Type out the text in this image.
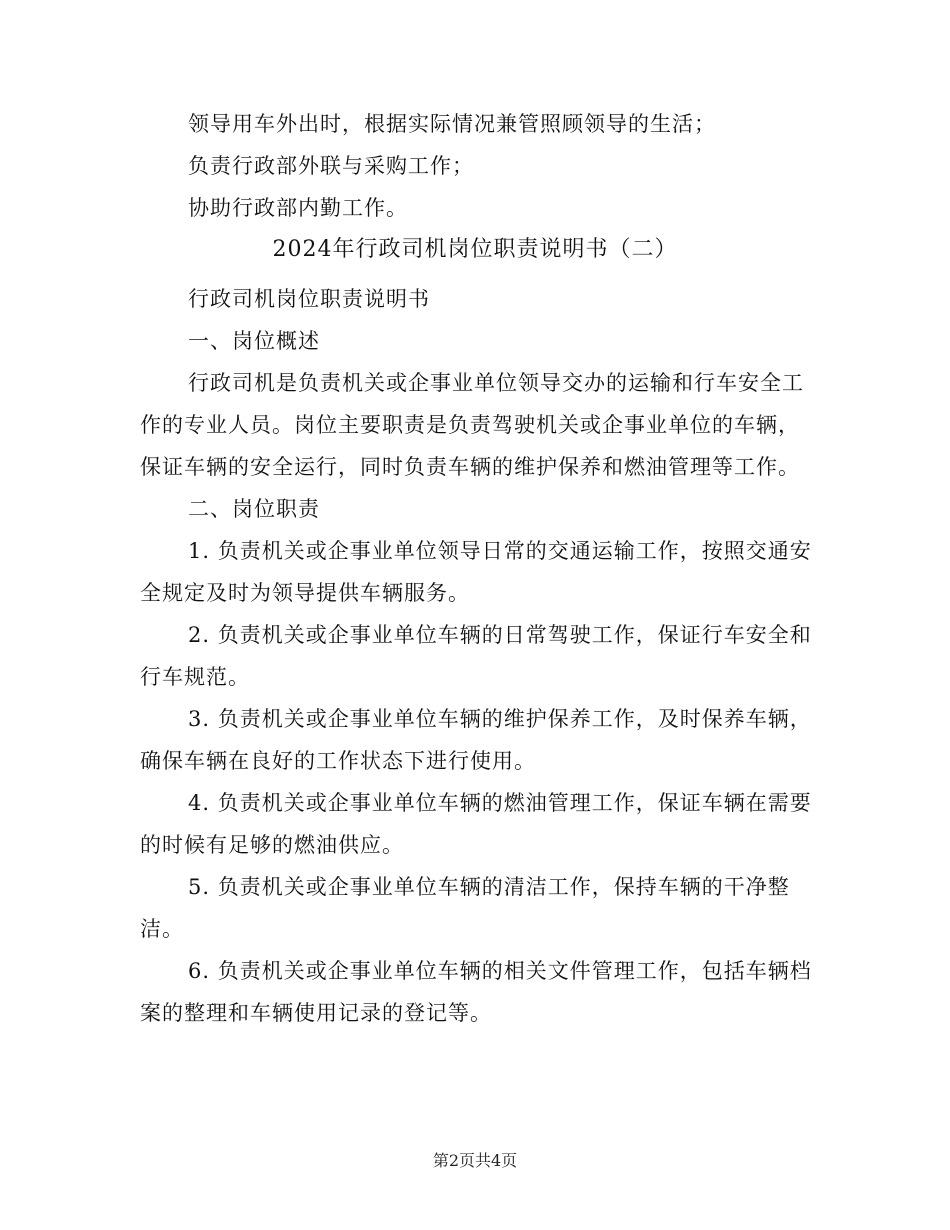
领导用车外出时，根据实际情况兼管照顾领导的生活；
负责行政部外联与采购工作；
协助行政部内勤工作。
2024年行政司机岗位职责说明书（二）
行政司机岗位职责说明书
一、岗位概述
行政司机是负责机关或企事业单位领导交办的运输和行车安全工
作的专业人员。岗位主要职责是负责驾驶机关或企事业单位的车辆，
保证车辆的安全运行，同时负责车辆的维护保养和燃油管理等工作。
二、岗位职责
1. 负责机关或企事业单位领导日常的交通运输工作，按照交通安
全规定及时为领导提供车辆服务。
2. 负责机关或企事业单位车辆的日常驾驶工作，保证行车安全和
行车规范。
3. 负责机关或企事业单位车辆的维护保养工作，及时保养车辆，
确保车辆在良好的工作状态下进行使用。
4. 负责机关或企事业单位车辆的燃油管理工作，保证车辆在需要
的时候有足够的燃油供应。
5. 负责机关或企事业单位车辆的清洁工作，保持车辆的干净整
洁。
6. 负责机关或企事业单位车辆的相关文件管理工作，包括车辆档
案的整理和车辆使用记录的登记等。
第2页共4页
